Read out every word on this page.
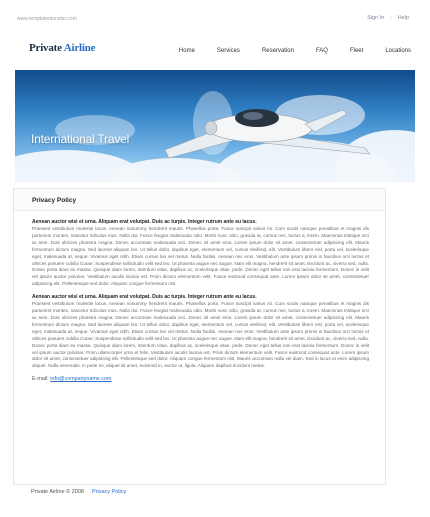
www.templatemonster.com	Sign In | Help
Private Airline	Home	Services	Reservation	FAQ	Fleet	Locations
International Travel
Privacy Policy
Aenean auctor wisi et urna. Aliquam erat volutpat. Duis ac turpis. Integer rutrum ante eu lacus.
Praesent vestibulum molestie lacus. Aenean nonummy hendrerit mauris. Phasellus porta. Fusce suscipit varius mi. Cum sociis natoque penatibus et magnis dis parturient montes, nascetur ridiculus mus. Nulla dui. Fusce feugiat malesuada odio. Morbi nunc odio, gravida at, cursus nec, luctus a, lorem. Maecenas tristique orci ac sem. Duis ultricies pharetra magna. Donec accumsan malesuada orci. Donec sit amet eros. Lorem ipsum dolor sit amet, consectetuer adipiscing elit. Mauris fermentum dictum magna. Sed laoreet aliquam leo. Ut tellus dolor, dapibus eget, elementum vel, cursus eleifend, elit. Vestibulum libero nisl, porta vel, scelerisque eget, malesuada at, neque. Vivamus eget nibh. Etiam cursus leo vel metus. Nulla facilisi. Aenean nec eros. Vestibulum ante ipsum primis in faucibus orci luctus et ultrices posuere cubilia Curae; Suspendisse sollicitudin velit sed leo. Ut pharetra augue nec augue. Nam elit magna, hendrerit sit amet, tincidunt ac, viverra sed, nulla. Donec porta diam eu massa. Quisque diam lorem, interdum vitae, dapibus ac, scelerisque vitae, pede. Donec eget tellus non erat lacinia fermentum. Donec in velit vel ipsum auctor pulvinar. Vestibulum iaculis lacinia est. Proin dictum elementum velit. Fusce euismod consequat ante. Lorem ipsum dolor sit amet, consectetuer adipiscing elit. Pellentesque sed dolor. Aliquam congue fermentum nisl.
Aenean auctor wisi et urna. Aliquam erat volutpat. Duis ac turpis. Integer rutrum ante eu lacus.
Praesent vestibulum molestie lacus. Aenean nonummy hendrerit mauris. Phasellus porta. Fusce suscipit varius mi. Cum sociis natoque penatibus et magnis dis parturient montes, nascetur ridiculus mus. Nulla dui. Fusce feugiat malesuada odio. Morbi nunc odio, gravida at, cursus nec, luctus a, lorem. Maecenas tristique orci ac sem. Duis ultricies pharetra magna. Donec accumsan malesuada orci. Donec sit amet eros. Lorem ipsum dolor sit amet, consectetuer adipiscing elit. Mauris fermentum dictum magna. Sed laoreet aliquam leo. Ut tellus dolor, dapibus eget, elementum vel, cursus eleifend, elit. Vestibulum libero nisl, porta vel, scelerisque eget, malesuada at, neque. Vivamus eget nibh. Etiam cursus leo vel metus. Nulla facilisi. Aenean nec eros. Vestibulum ante ipsum primis in faucibus orci luctus et ultrices posuere cubilia Curae; Suspendisse sollicitudin velit sed leo. Ut pharetra augue nec augue. Nam elit magna, hendrerit sit amet, tincidunt ac, viverra sed, nulla. Donec porta diam eu massa. Quisque diam lorem, interdum vitae, dapibus ac, scelerisque vitae, pede. Donec eget tellus non erat lacinia fermentum. Donec in velit vel ipsum auctor pulvinar. Proin ullamcorper urna et felis. Vestibulum iaculis lacinia est. Proin dictum elementum velit. Fusce euismod consequat ante. Lorem ipsum dolor sit amet, consectetuer adipiscing elit. Pellentesque sed dolor. Aliquam congue fermentum nisl. Mauris accumsan nulla vel diam. Sed in lacus ut enim adipiscing aliquet. Nulla venenatis. In pede mi, aliquet sit amet, euismod in, auctor ut, ligula. Aliquam dapibus tincidunt metus.
E-mail: info@companyname.com
Private Airline © 2008 Privacy Policy
